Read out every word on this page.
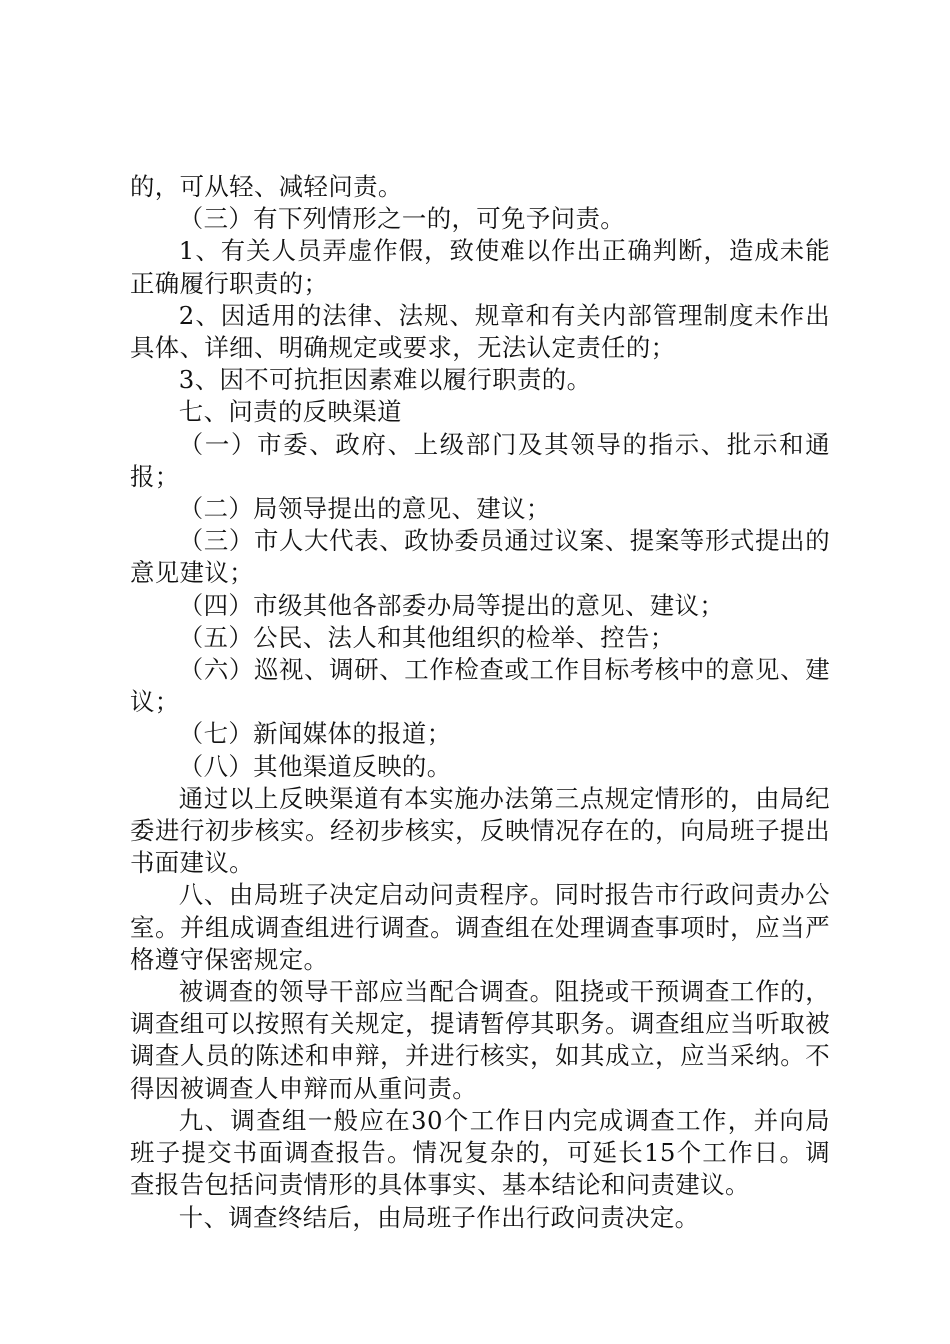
的，可从轻、减轻问责。

（三）有下列情形之一的，可免予问责。

1、有关人员弄虚作假，致使难以作出正确判断，造成未能正确履行职责的；

2、因适用的法律、法规、规章和有关内部管理制度未作出具体、详细、明确规定或要求，无法认定责任的；

3、因不可抗拒因素难以履行职责的。

七、问责的反映渠道

（一）市委、政府、上级部门及其领导的指示、批示和通报；

（二）局领导提出的意见、建议；

（三）市人大代表、政协委员通过议案、提案等形式提出的意见建议；

（四）市级其他各部委办局等提出的意见、建议；

（五）公民、法人和其他组织的检举、控告；

（六）巡视、调研、工作检查或工作目标考核中的意见、建议；

（七）新闻媒体的报道；

（八）其他渠道反映的。

通过以上反映渠道有本实施办法第三点规定情形的，由局纪委进行初步核实。经初步核实，反映情况存在的，向局班子提出书面建议。

八、由局班子决定启动问责程序。同时报告市行政问责办公室。并组成调查组进行调查。调查组在处理调查事项时，应当严格遵守保密规定。

被调查的领导干部应当配合调查。阻挠或干预调查工作的，调查组可以按照有关规定，提请暂停其职务。调查组应当听取被调查人员的陈述和申辩，并进行核实，如其成立，应当采纳。不得因被调查人申辩而从重问责。

九、调查组一般应在30个工作日内完成调查工作，并向局班子提交书面调查报告。情况复杂的，可延长15个工作日。调查报告包括问责情形的具体事实、基本结论和问责建议。

十、调查终结后，由局班子作出行政问责决定。
